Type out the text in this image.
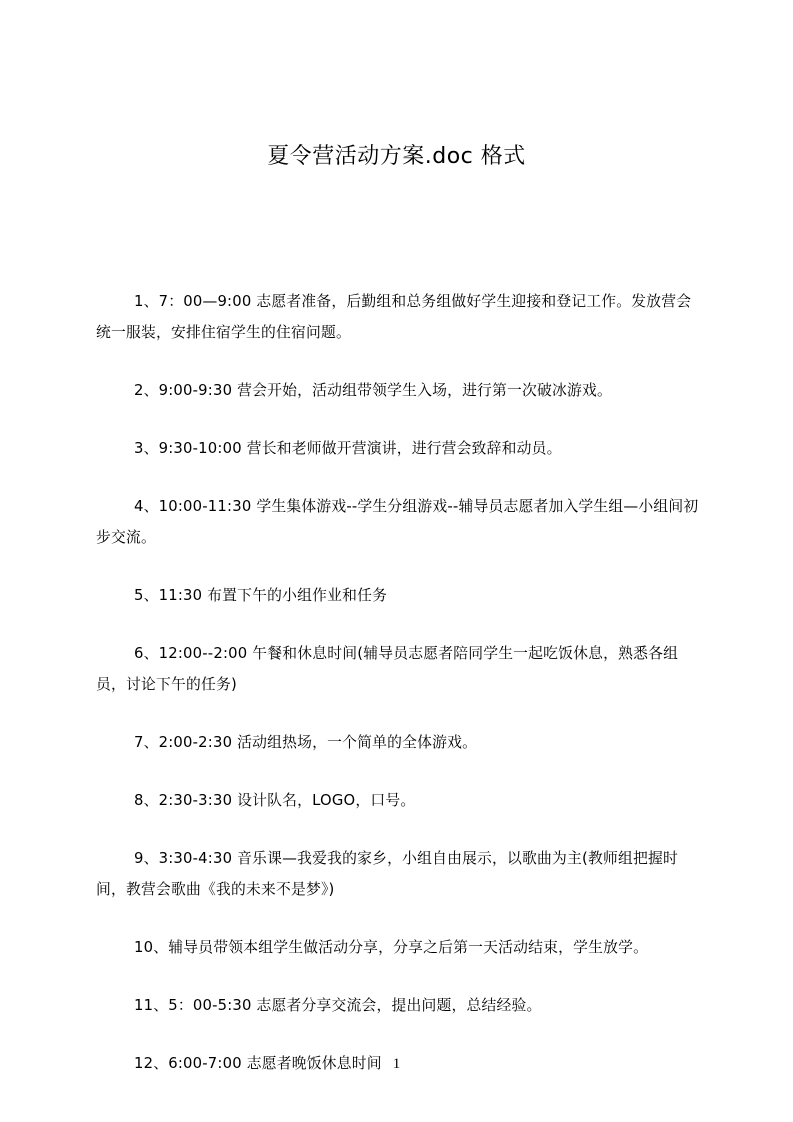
夏令营活动方案.doc 格式

1、7：00—9:00 志愿者准备，后勤组和总务组做好学生迎接和登记工作。发放营会统一服装，安排住宿学生的住宿问题。

2、9:00-9:30 营会开始，活动组带领学生入场，进行第一次破冰游戏。

3、9:30-10:00 营长和老师做开营演讲，进行营会致辞和动员。

4、10:00-11:30 学生集体游戏--学生分组游戏--辅导员志愿者加入学生组—小组间初步交流。

5、11:30 布置下午的小组作业和任务

6、12:00--2:00 午餐和休息时间(辅导员志愿者陪同学生一起吃饭休息，熟悉各组员，讨论下午的任务)

7、2:00-2:30 活动组热场，一个简单的全体游戏。

8、2:30-3:30 设计队名，LOGO，口号。

9、3:30-4:30 音乐课—我爱我的家乡，小组自由展示，以歌曲为主(教师组把握时间，教营会歌曲《我的未来不是梦》)

10、辅导员带领本组学生做活动分享，分享之后第一天活动结束，学生放学。

11、5：00-5:30 志愿者分享交流会，提出问题，总结经验。

12、6:00-7:00 志愿者晚饭休息时间 1
